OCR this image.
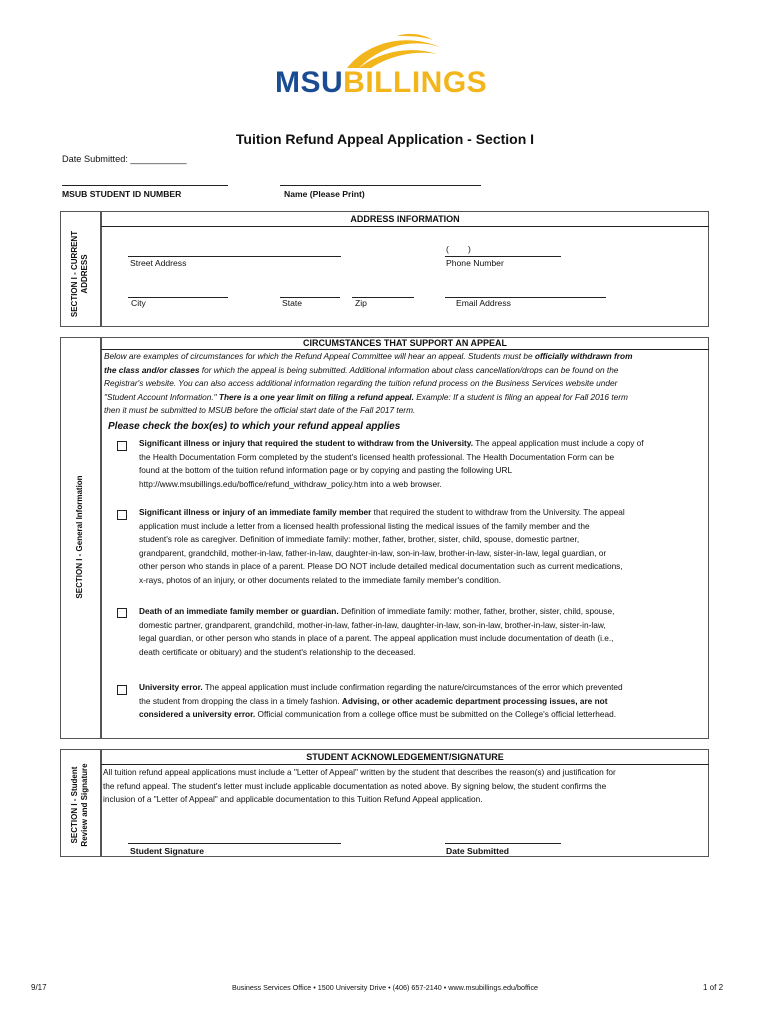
MSUBILLINGS
Tuition Refund Appeal Application - Section I
Date Submitted: ___________
MSUB STUDENT ID NUMBER	Name (Please Print)
SECTION I - CURRENT ADDRESS
ADDRESS INFORMATION
Street Address
(        )
Phone Number
City	State	Zip	Email Address
SECTION I - General Information
CIRCUMSTANCES THAT SUPPORT AN APPEAL
Below are examples of circumstances for which the Refund Appeal Committee will hear an appeal. Students must be officially withdrawn from
the class and/or classes for which the appeal is being submitted. Additional information about class cancellation/drops can be found on the
Registrar's website. You can also access additional information regarding the tuition refund process on the Business Services website under
"Student Account Information." There is a one year limit on filing a refund appeal. Example: If a student is filing an appeal for Fall 2016 term
then it must be submitted to MSUB before the official start date of the Fall 2017 term.
Please check the box(es) to which your refund appeal applies
Significant illness or injury that required the student to withdraw from the University. The appeal application must include a copy of
the Health Documentation Form completed by the student's licensed health professional. The Health Documentation Form can be
found at the bottom of the tuition refund information page or by copying and pasting the following URL
http://www.msubillings.edu/boffice/refund_withdraw_policy.htm into a web browser.
Significant illness or injury of an immediate family member that required the student to withdraw from the University. The appeal
application must include a letter from a licensed health professional listing the medical issues of the family member and the
student's role as caregiver. Definition of immediate family: mother, father, brother, sister, child, spouse, domestic partner,
grandparent, grandchild, mother-in-law, father-in-law, daughter-in-law, son-in-law, brother-in-law, sister-in-law, legal guardian, or
other person who stands in place of a parent. Please DO NOT include detailed medical documentation such as current medications,
x-rays, photos of an injury, or other documents related to the immediate family member's condition.
Death of an immediate family member or guardian. Definition of immediate family: mother, father, brother, sister, child, spouse,
domestic partner, grandparent, grandchild, mother-in-law, father-in-law, daughter-in-law, son-in-law, brother-in-law, sister-in-law,
legal guardian, or other person who stands in place of a parent. The appeal application must include documentation of death (i.e.,
death certificate or obituary) and the student's relationship to the deceased.
University error. The appeal application must include confirmation regarding the nature/circumstances of the error which prevented
the student from dropping the class in a timely fashion. Advising, or other academic department processing issues, are not
considered a university error. Official communication from a college office must be submitted on the College's official letterhead.
SECTION I - Student Review and Signature
STUDENT ACKNOWLEDGEMENT/SIGNATURE
All tuition refund appeal applications must include a "Letter of Appeal" written by the student that describes the reason(s) and justification for
the refund appeal. The student's letter must include applicable documentation as noted above. By signing below, the student confirms the
inclusion of a "Letter of Appeal" and applicable documentation to this Tuition Refund Appeal application.
Student Signature	Date Submitted
9/17	Business Services Office • 1500 University Drive • (406) 657-2140 • www.msubillings.edu/boffice	1 of 2
